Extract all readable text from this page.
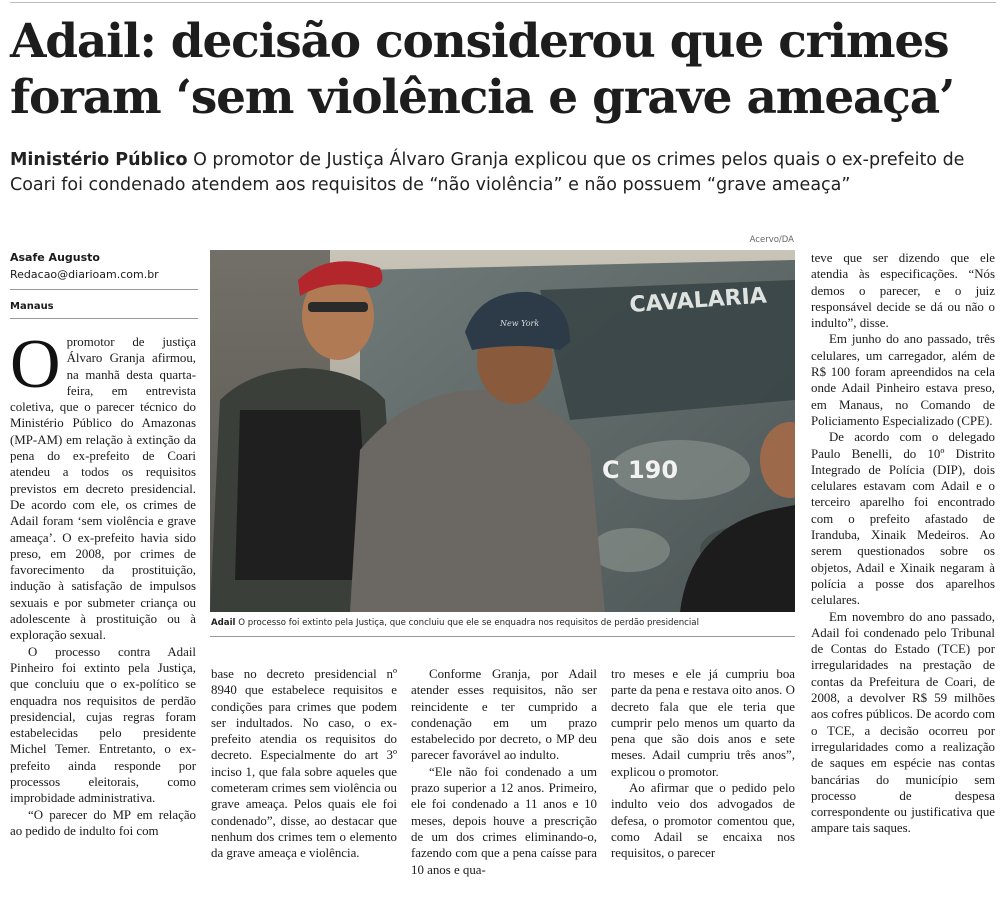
Adail: decisão considerou que crimes
foram ‘sem violência e grave ameaça’
Ministério Público O promotor de Justiça Álvaro Granja explicou que os crimes pelos quais o ex-prefeito de Coari foi condenado atendem aos requisitos de “não violência” e não possuem “grave ameaça”
Asafe Augusto
Redacao@diarioam.com.br
Manaus

Opromotor de justiça Álvaro Granja afirmou, na manhã desta quarta-feira, em entrevista coletiva, que o parecer técnico do Ministério Público do Amazonas (MP-AM) em relação à extinção da pena do ex-prefeito de Coari atendeu a todos os requisitos previstos em decreto presidencial. De acordo com ele, os crimes de Adail foram ‘sem violência e grave ameaça’. O ex-prefeito havia sido preso, em 2008, por crimes de favorecimento da prostituição, indução à satisfação de impulsos sexuais e por submeter criança ou adolescente à prostituição ou à exploração sexual.

O processo contra Adail Pinheiro foi extinto pela Justiça, que concluiu que o ex-político se enquadra nos requisitos de perdão presidencial, cujas regras foram estabelecidas pelo presidente Michel Temer. Entretanto, o ex-prefeito ainda responde por processos eleitorais, como improbidade administrativa.

“O parecer do MP em relação ao pedido de indulto foi com

Acervo/DA
CAVALARIA
C 190
New York
Adail O processo foi extinto pela Justiça, que concluiu que ele se enquadra nos requisitos de perdão presidencial

base no decreto presidencial nº 8940 que estabelece requisitos e condições para crimes que podem ser indultados. No caso, o ex-prefeito atendia os requisitos do decreto. Especialmente do art 3º inciso 1, que fala sobre aqueles que cometeram crimes sem violência ou grave ameaça. Pelos quais ele foi condenado”, disse, ao destacar que nenhum dos crimes tem o elemento da grave ameaça e violência.

Conforme Granja, por Adail atender esses requisitos, não ser reincidente e ter cumprido a condenação em um prazo estabelecido por decreto, o MP deu parecer favorável ao indulto.

“Ele não foi condenado a um prazo superior a 12 anos. Primeiro, ele foi condenado a 11 anos e 10 meses, depois houve a prescrição de um dos crimes eliminando-o, fazendo com que a pena caísse para 10 anos e qua-

tro meses e ele já cumpriu boa parte da pena e restava oito anos. O decreto fala que ele teria que cumprir pelo menos um quarto da pena que são dois anos e sete meses. Adail cumpriu três anos”, explicou o promotor.

Ao afirmar que o pedido pelo indulto veio dos advogados de defesa, o promotor comentou que, como Adail se encaixa nos requisitos, o parecer

teve que ser dizendo que ele atendia às especificações. “Nós demos o parecer, e o juiz responsável decide se dá ou não o indulto”, disse.

Em junho do ano passado, três celulares, um carregador, além de R$ 100 foram apreendidos na cela onde Adail Pinheiro estava preso, em Manaus, no Comando de Policiamento Especializado (CPE).

De acordo com o delegado Paulo Benelli, do 10º Distrito Integrado de Polícia (DIP), dois celulares estavam com Adail e o terceiro aparelho foi encontrado com o prefeito afastado de Iranduba, Xinaik Medeiros. Ao serem questionados sobre os objetos, Adail e Xinaik negaram à polícia a posse dos aparelhos celulares.

Em novembro do ano passado, Adail foi condenado pelo Tribunal de Contas do Estado (TCE) por irregularidades na prestação de contas da Prefeitura de Coari, de 2008, a devolver R$ 59 milhões aos cofres públicos. De acordo com o TCE, a decisão ocorreu por irregularidades como a realização de saques em espécie nas contas bancárias do município sem processo de despesa correspondente ou justificativa que ampare tais saques.
